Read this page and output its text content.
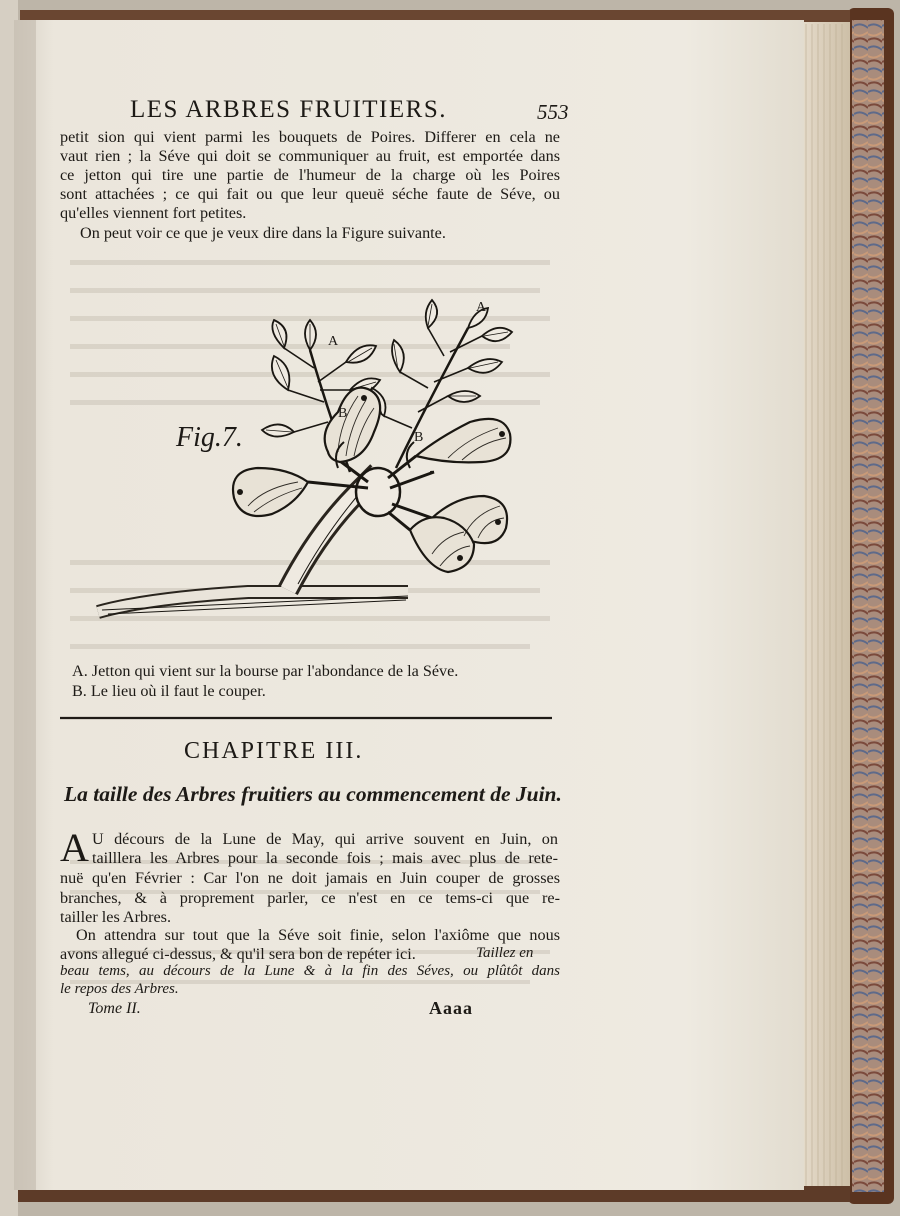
LES ARBRES FRUITIERS.	553
petit sion qui vient parmi les bouquets de Poires. Differer en cela ne
vaut rien ; la Séve qui doit se communiquer au fruit, est emportée dans
ce jetton qui tire une partie de l'humeur de la charge où les Poires
sont attachées ; ce qui fait ou que leur queuë séche faute de Séve, ou
qu'elles viennent fort petites.
On peut voir ce que je veux dire dans la Figure suivante.
Fig.7.
A
A
B
B
A. Jetton qui vient sur la bourse par l'abondance de la Séve.
B. Le lieu où il faut le couper.
CHAPITRE III.
La taille des Arbres fruitiers au commencement de Juin.
A U décours de la Lune de May, qui arrive souvent en Juin, on
tailllera les Arbres pour la seconde fois ; mais avec plus de rete-
nuë qu'en Février : Car l'on ne doit jamais en Juin couper de grosses
branches, & à proprement parler, ce n'est en ce tems-ci que re-
tailler les Arbres.
On attendra sur tout que la Séve soit finie, selon l'axiôme que nous
avons allegué ci-dessus, & qu'il sera bon de repéter ici.	Taillez en
beau tems, au décours de la Lune & à la fin des Séves, ou plûtôt dans
le repos des Arbres.
Tome II.	Aaaa
